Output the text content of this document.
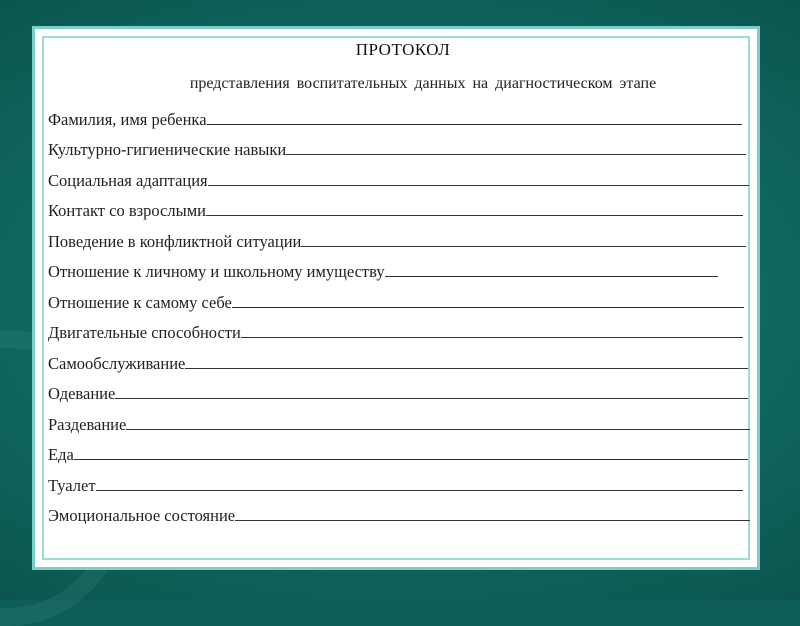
ПРОТОКОЛ
представления воспитательных данных на диагностическом этапе
Фамилия, имя ребенка
Культурно-гигиенические навыки
Социальная адаптация
Контакт со взрослыми
Поведение в конфликтной ситуации
Отношение к личному и школьному имуществу
Отношение к самому себе
Двигательные способности
Самообслуживание
Одевание
Раздевание
Еда
Туалет
Эмоциональное состояние
